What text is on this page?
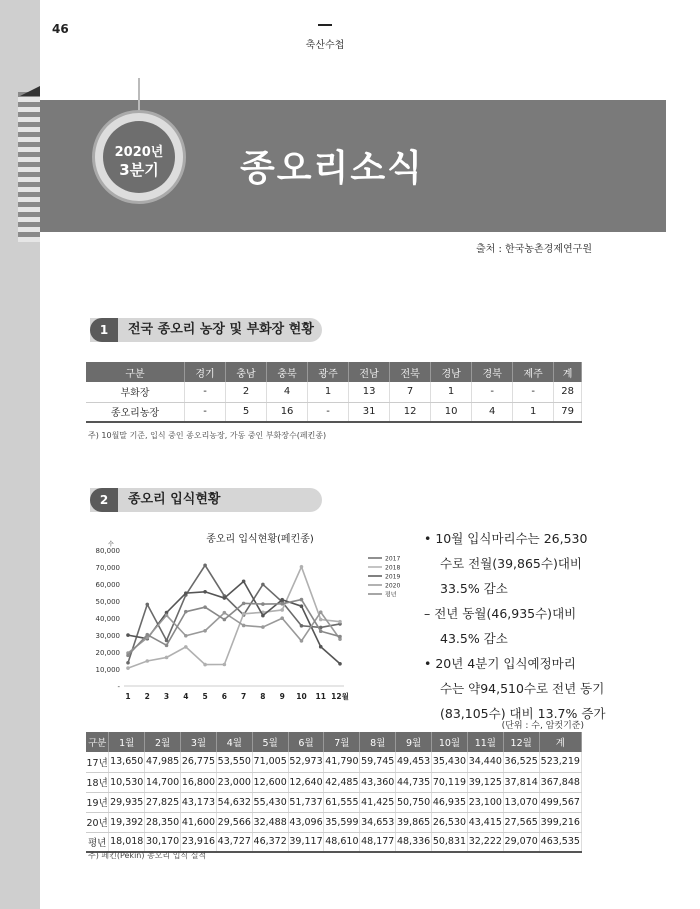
46
축산수첩
2020년
3분기	종오리소식
출처 : 한국농촌경제연구원
1	전국 종오리 농장 및 부화장 현황
구분	경기	충남	충북	광주	전남	전북	경남	경북	제주	계
부화장	-	2	4	1	13	7	1	-	-	28
종오리농장	-	5	16	-	31	12	10	4	1	79
주) 10월말 기준, 입식 중인 종오리농장, 가동 중인 부화장수(페킨종)
2	종오리 입식현황
종오리 입식현황(페킨종)
수
-
10,000
20,000
30,000
40,000
50,000
60,000
70,000
80,000
1 2 3 4 5 6 7 8 9 10 11 12월
2017
2018
2019
2020
평년
• 10월 입식마리수는 26,530
수로 전월(39,865수)대비
33.5% 감소
– 전년 동월(46,935수)대비
43.5% 감소
• 20년 4분기 입식예정마리
수는 약94,510수로 전년 동기
(83,105수) 대비 13.7% 증가
(단위 : 수, 암컷기준)
구분	1월	2월	3월	4월	5월	6월	7월	8월	9월	10월	11월	12월	계
17년	13,650	47,985	26,775	53,550	71,005	52,973	41,790	59,745	49,453	35,430	34,440	36,525	523,219
18년	10,530	14,700	16,800	23,000	12,600	12,640	42,485	43,360	44,735	70,119	39,125	37,814	367,848
19년	29,935	27,825	43,173	54,632	55,430	51,737	61,555	41,425	50,750	46,935	23,100	13,070	499,567
20년	19,392	28,350	41,600	29,566	32,488	43,096	35,599	34,653	39,865	26,530	43,415	27,565	399,216
평년	18,018	30,170	23,916	43,727	46,372	39,117	48,610	48,177	48,336	50,831	32,222	29,070	463,535
주) 페킨(Pekin) 종오리 입식 실적
